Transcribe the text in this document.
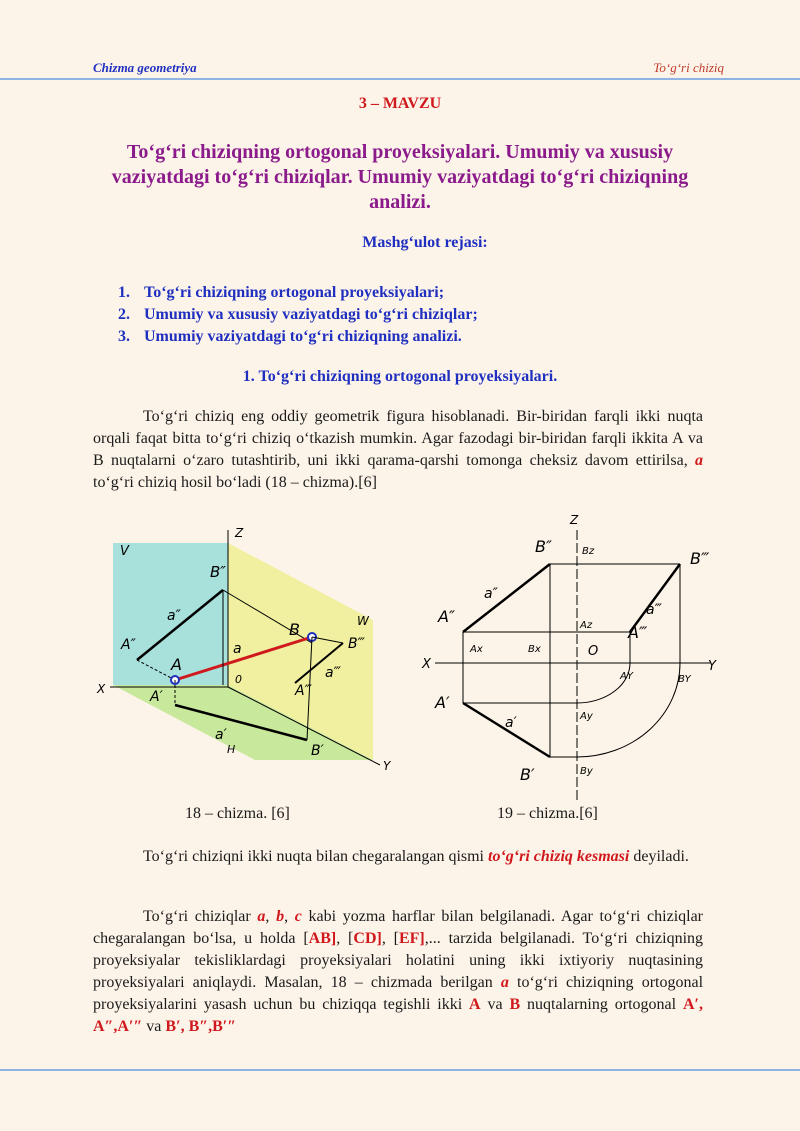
Chizma geometriya	To‘g‘ri chiziq
3 – MAVZU
To‘g‘ri chiziqning ortogonal proyeksiyalari. Umumiy va xususiy vaziyatdagi to‘g‘ri chiziqlar. Umumiy vaziyatdagi to‘g‘ri chiziqning analizi.
Mashg‘ulot rejasi:
1. To‘g‘ri chiziqning ortogonal proyeksiyalari;
2. Umumiy va xususiy vaziyatdagi to‘g‘ri chiziqlar;
3. Umumiy vaziyatdagi to‘g‘ri chiziqning analizi.
1. To‘g‘ri chiziqning ortogonal proyeksiyalari.
To‘g‘ri chiziq eng oddiy geometrik figura hisoblanadi. Bir-biridan farqli ikki nuqta orqali faqat bitta to‘g‘ri chiziq o‘tkazish mumkin. Agar fazodagi bir-biridan farqli ikkita A va B nuqtalarni o‘zaro tutashtirib, uni ikki qarama-qarshi tomonga cheksiz davom ettirilsa, a to‘g‘ri chiziq hosil bo‘ladi (18 – chizma).[6]
V
Z
W
X
Y
0
H
A
B
a
B″
A″
a″
B‴
A‴
a‴
A′
B′
a′
Z
X	Y
O
B″
B‴
A″
a″
a‴
A‴
A′
a′
B′
Ax	Bx
Bz
Az
Ay
By
AY	BY
18 – chizma. [6]	19 – chizma.[6]
To‘g‘ri chiziqni ikki nuqta bilan chegaralangan qismi to‘g‘ri chiziq kesmasi deyiladi.
To‘g‘ri chiziqlar a, b, c kabi yozma harflar bilan belgilanadi. Agar to‘g‘ri chiziqlar chegaralangan bo‘lsa, u holda [AB], [CD], [EF],... tarzida belgilanadi. To‘g‘ri chiziqning proyeksiyalar tekisliklardagi proyeksiyalari holatini uning ikki ixtiyoriy nuqtasining proyeksiyalari aniqlaydi. Masalan, 18 – chizmada berilgan a to‘g‘ri chiziqning ortogonal proyeksiyalarini yasash uchun bu chiziqqa tegishli ikki A va B nuqtalarning ortogonal A′, A″,A′″ va B′, B″,B′″
